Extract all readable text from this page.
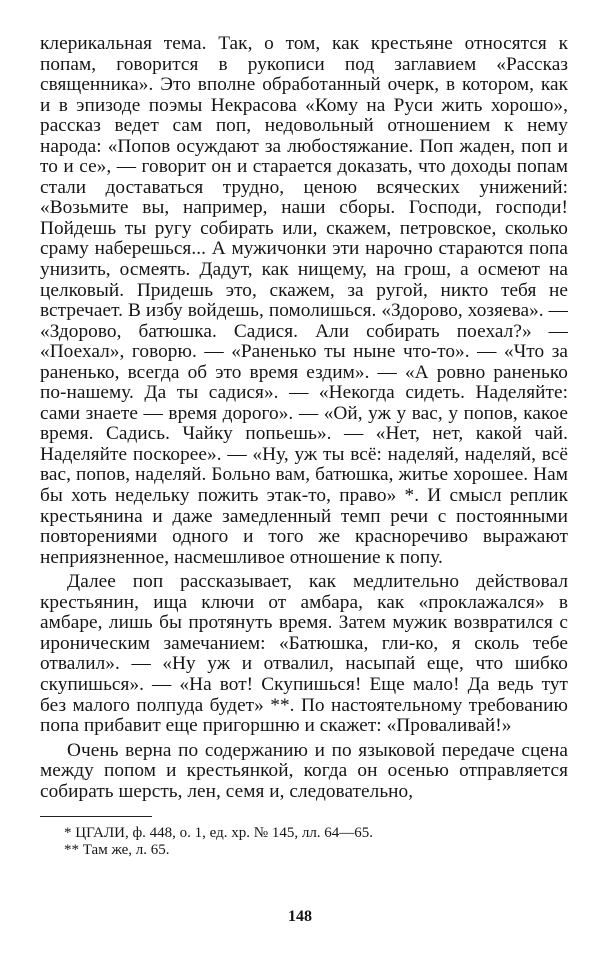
клерикальная тема. Так, о том, как крестьяне относятся к попам, говорится в рукописи под заглавием «Рассказ священника». Это вполне обработанный очерк, в котором, как и в эпизоде поэмы Некрасова «Кому на Руси жить хорошо», рассказ ведет сам поп, недовольный отношением к нему народа: «Попов осуждают за любостяжание. Поп жаден, поп и то и се», — говорит он и старается доказать, что доходы попам стали доставаться трудно, ценою всяческих унижений: «Возьмите вы, например, наши сборы. Господи, господи! Пойдешь ты ругу собирать или, скажем, петровское, сколько сраму наберешься... А мужичонки эти нарочно стараются попа унизить, осмеять. Дадут, как нищему, на грош, а осмеют на целковый. Придешь это, скажем, за ругой, никто тебя не встречает. В избу войдешь, помолишься. «Здорово, хозяева». — «Здорово, батюшка. Садися. Али собирать поехал?» — «Поехал», говорю. — «Раненько ты ныне что-то». — «Что за раненько, всегда об это время ездим». — «А ровно раненько по-нашему. Да ты садися». — «Некогда сидеть. Наделяйте: сами знаете — время дорого». — «Ой, уж у вас, у попов, какое время. Садись. Чайку попьешь». — «Нет, нет, какой чай. Наделяйте поскорее». — «Ну, уж ты всё: наделяй, наделяй, всё вас, попов, наделяй. Больно вам, батюшка, житье хорошее. Нам бы хоть недельку пожить этак-то, право» *. И смысл реплик крестьянина и даже замедленный темп речи с постоянными повторениями одного и того же красноречиво выражают неприязненное, насмешливое отношение к попу.

Далее поп рассказывает, как медлительно действовал крестьянин, ища ключи от амбара, как «проклажался» в амбаре, лишь бы протянуть время. Затем мужик возвратился с ироническим замечанием: «Батюшка, гли-ко, я сколь тебе отвалил». — «Ну уж и отвалил, насыпай еще, что шибко скупишься». — «На вот! Скупишься! Еще мало! Да ведь тут без малого полпуда будет» **. По настоятельному требованию попа прибавит еще пригоршню и скажет: «Проваливай!»

Очень верна по содержанию и по языковой передаче сцена между попом и крестьянкой, когда он осенью отправляется собирать шерсть, лен, семя и, следовательно,

* ЦГАЛИ, ф. 448, о. 1, ед. хр. № 145, лл. 64—65.
** Там же, л. 65.
148
